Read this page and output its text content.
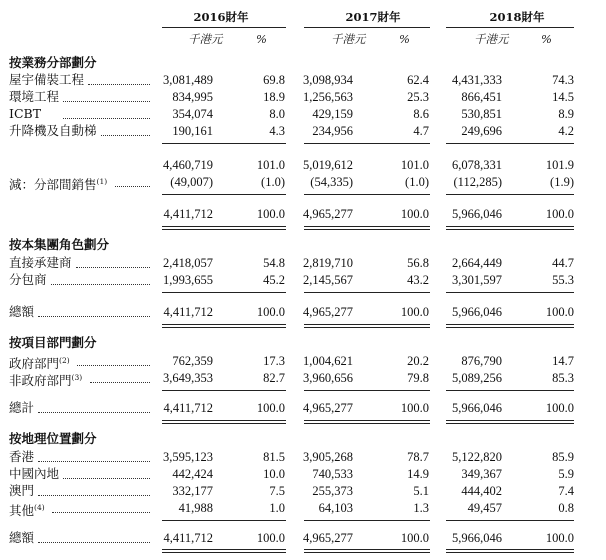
2016財年	2017財年	2018財年
千港元	%	千港元	%	千港元	%
按業務分部劃分
屋宇備裝工程	3,081,489	69.8	3,098,934	62.4	4,431,333	74.3
環境工程	834,995	18.9	1,256,563	25.3	866,451	14.5
ICBT	354,074	8.0	429,159	8.6	530,851	8.9
升降機及自動梯	190,161	4.3	234,956	4.7	249,696	4.2
4,460,719	101.0	5,019,612	101.0	6,078,331	101.9
減：分部間銷售$^{(1)}$	(49,007)	(1.0)	(54,335)	(1.0)	(112,285)	(1.9)
4,411,712	100.0	4,965,277	100.0	5,966,046	100.0
按本集團角色劃分
直接承建商	2,418,057	54.8	2,819,710	56.8	2,664,449	44.7
分包商	1,993,655	45.2	2,145,567	43.2	3,301,597	55.3
總額	4,411,712	100.0	4,965,277	100.0	5,966,046	100.0
按項目部門劃分
政府部門$^{(2)}$	762,359	17.3	1,004,621	20.2	876,790	14.7
非政府部門$^{(3)}$	3,649,353	82.7	3,960,656	79.8	5,089,256	85.3
總計	4,411,712	100.0	4,965,277	100.0	5,966,046	100.0
按地理位置劃分
香港	3,595,123	81.5	3,905,268	78.7	5,122,820	85.9
中國內地	442,424	10.0	740,533	14.9	349,367	5.9
澳門	332,177	7.5	255,373	5.1	444,402	7.4
其他$^{(4)}$	41,988	1.0	64,103	1.3	49,457	0.8
總額	4,411,712	100.0	4,965,277	100.0	5,966,046	100.0
